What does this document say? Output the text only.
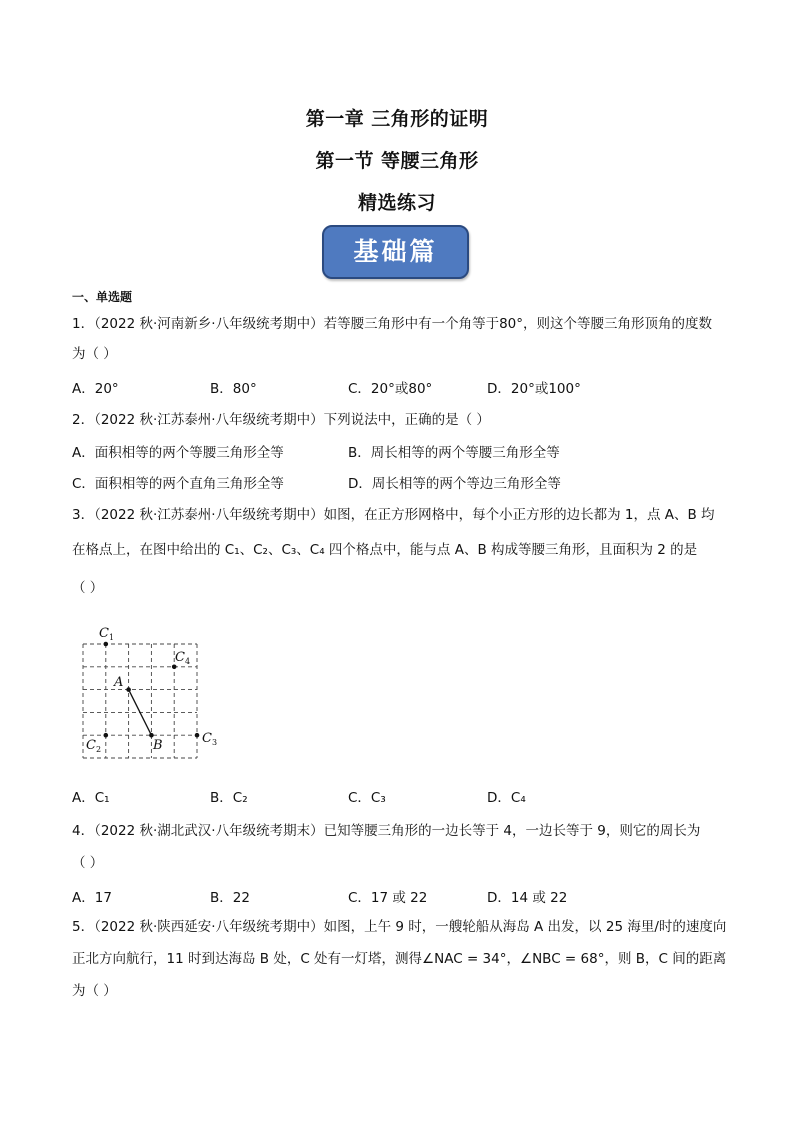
第一章 三角形的证明
第一节 等腰三角形
精选练习
基础篇
一、单选题
1．（2022 秋·河南新乡·八年级统考期中）若等腰三角形中有一个角等于80°，则这个等腰三角形顶角的度数
为（ ）
A．20°	B．80°	C．20°或80°	D．20°或100°
2．（2022 秋·江苏泰州·八年级统考期中）下列说法中，正确的是（ ）
A．面积相等的两个等腰三角形全等	B．周长相等的两个等腰三角形全等
C．面积相等的两个直角三角形全等	D．周长相等的两个等边三角形全等
3．（2022 秋·江苏泰州·八年级统考期中）如图，在正方形网格中，每个小正方形的边长都为 1，点 A、B 均
在格点上，在图中给出的 C₁、C₂、C₃、C₄ 四个格点中，能与点 A、B 构成等腰三角形，且面积为 2 的是
（ ）
$C_1$
$C_2$
$C_3$
$C_4$
A
B
A．C₁	B．C₂	C．C₃	D．C₄
4．（2022 秋·湖北武汉·八年级统考期末）已知等腰三角形的一边长等于 4，一边长等于 9，则它的周长为
（ ）
A．17	B．22	C．17 或 22	D．14 或 22
5．（2022 秋·陕西延安·八年级统考期中）如图，上午 9 时，一艘轮船从海岛 A 出发，以 25 海里/时的速度向
正北方向航行，11 时到达海岛 B 处，C 处有一灯塔，测得∠NAC = 34°，∠NBC = 68°，则 B，C 间的距离
为（ ）
